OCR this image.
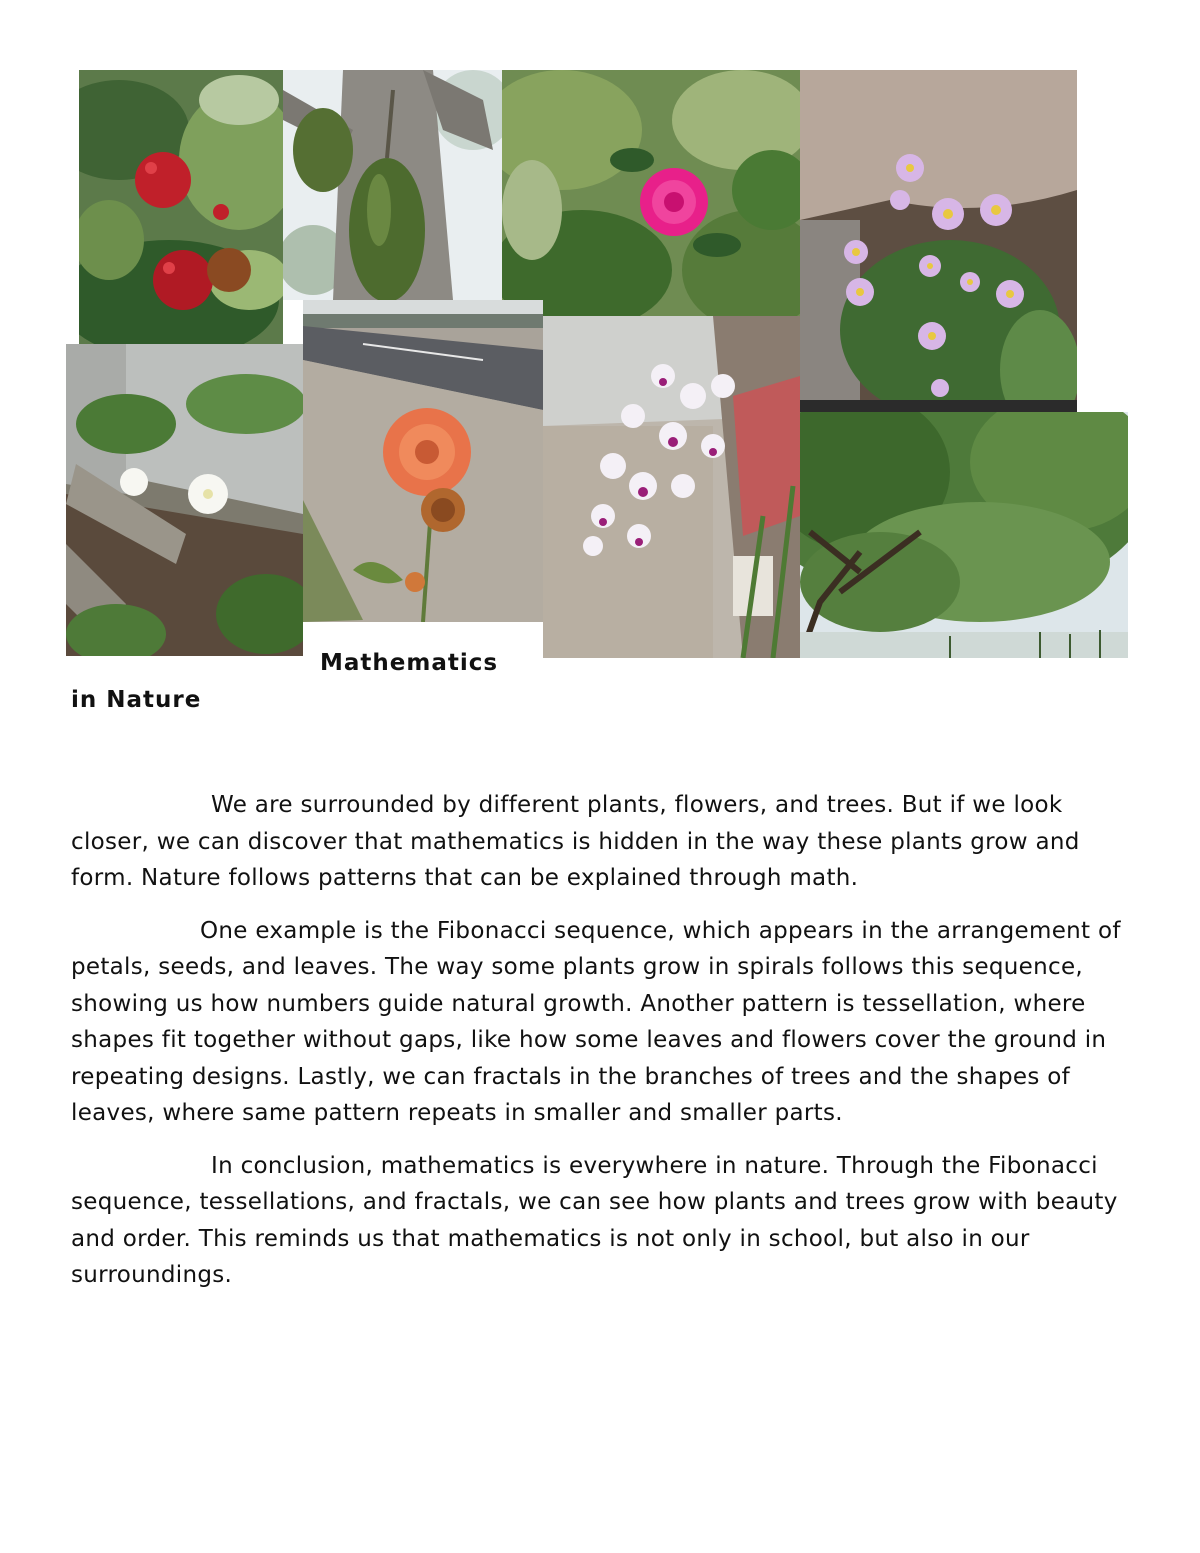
Mathematics
in Nature

We are surrounded by different plants, flowers, and trees. But if we look closer, we can discover that mathematics is hidden in the way these plants grow and form. Nature follows patterns that can be explained through math.

One example is the Fibonacci sequence, which appears in the arrangement of petals, seeds, and leaves. The way some plants grow in spirals follows this sequence, showing us how numbers guide natural growth. Another pattern is tessellation, where shapes fit together without gaps, like how some leaves and flowers cover the ground in repeating designs. Lastly, we can fractals in the branches of trees and the shapes of leaves, where same pattern repeats in smaller and smaller parts.

In conclusion, mathematics is everywhere in nature. Through the Fibonacci sequence, tessellations, and fractals, we can see how plants and trees grow with beauty and order. This reminds us that mathematics is not only in school, but also in our surroundings.
